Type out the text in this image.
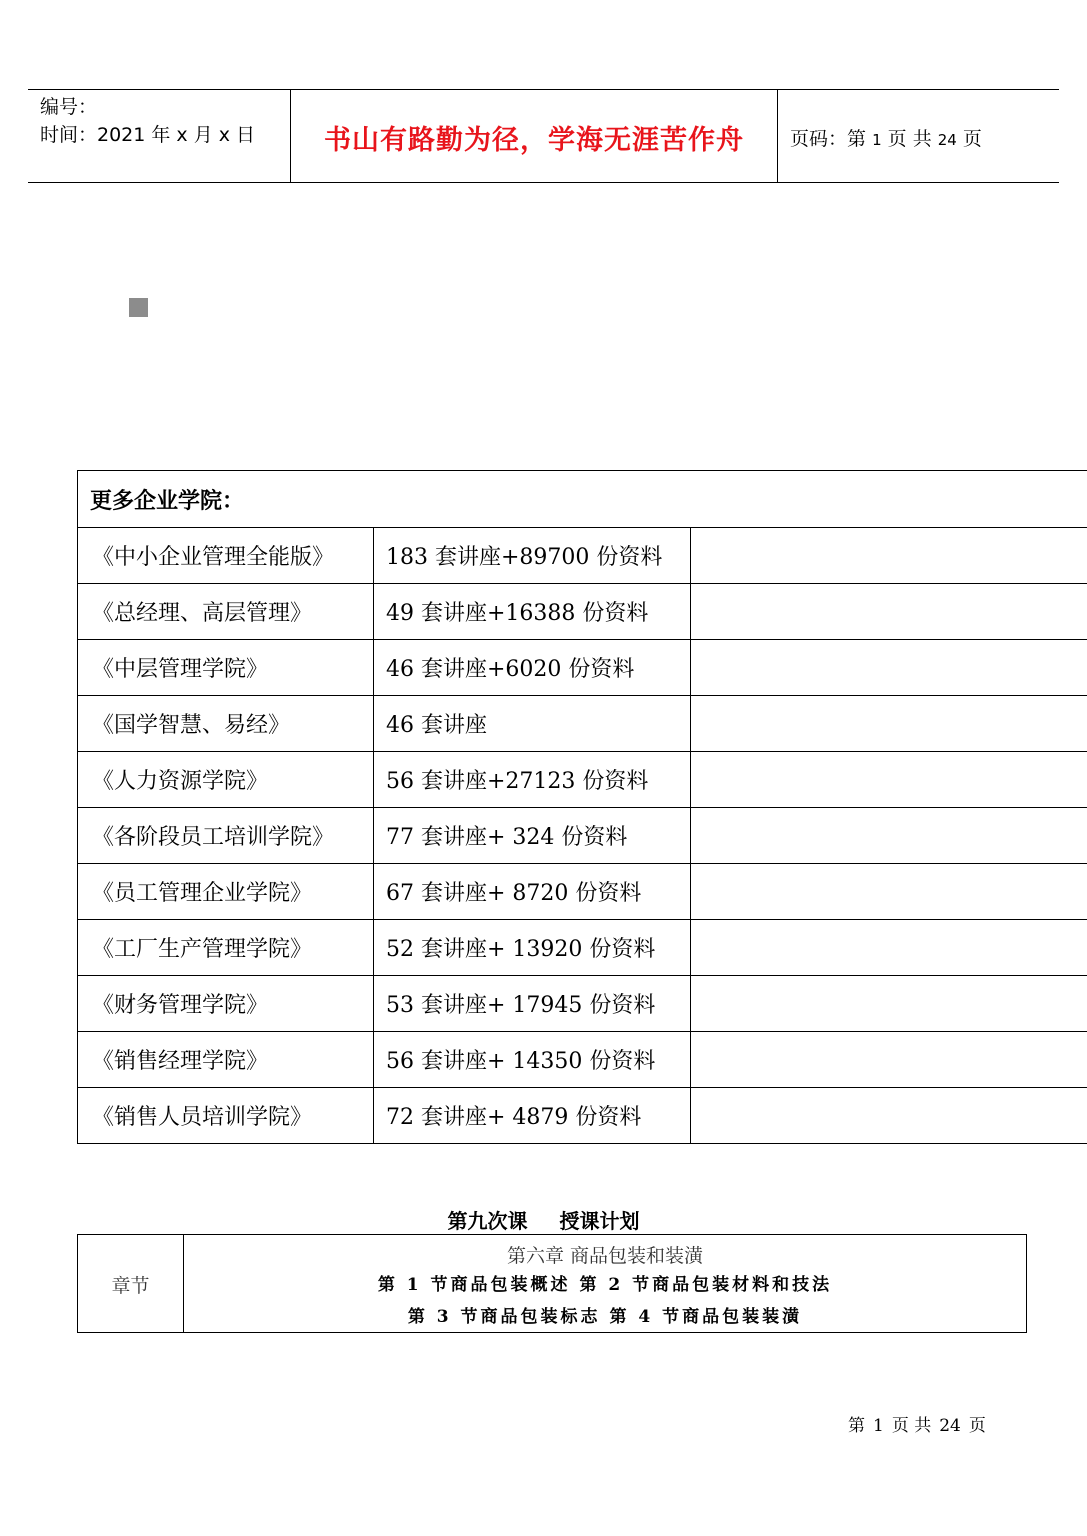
编号：
时间：2021 年 x 月 x 日	书山有路勤为径，学海无涯苦作舟	页码：第 1 页 共 24 页
更多企业学院：		
《中小企业管理全能版》	183 套讲座+89700 份资料	
《总经理、高层管理》	49 套讲座+16388 份资料	
《中层管理学院》	46 套讲座+6020 份资料	
《国学智慧、易经》	46 套讲座	
《人力资源学院》	56 套讲座+27123 份资料	
《各阶段员工培训学院》	77 套讲座+ 324 份资料	
《员工管理企业学院》	67 套讲座+ 8720 份资料	
《工厂生产管理学院》	52 套讲座+ 13920 份资料	
《财务管理学院》	53 套讲座+ 17945 份资料	
《销售经理学院》	56 套讲座+ 14350 份资料	
《销售人员培训学院》	72 套讲座+ 4879 份资料	
第九次课 授课计划
章节
第六章 商品包装和装潢
第 1 节商品包装概述 第 2 节商品包装材料和技法
第 3 节商品包装标志 第 4 节商品包装装潢
第 1 页 共 24 页
